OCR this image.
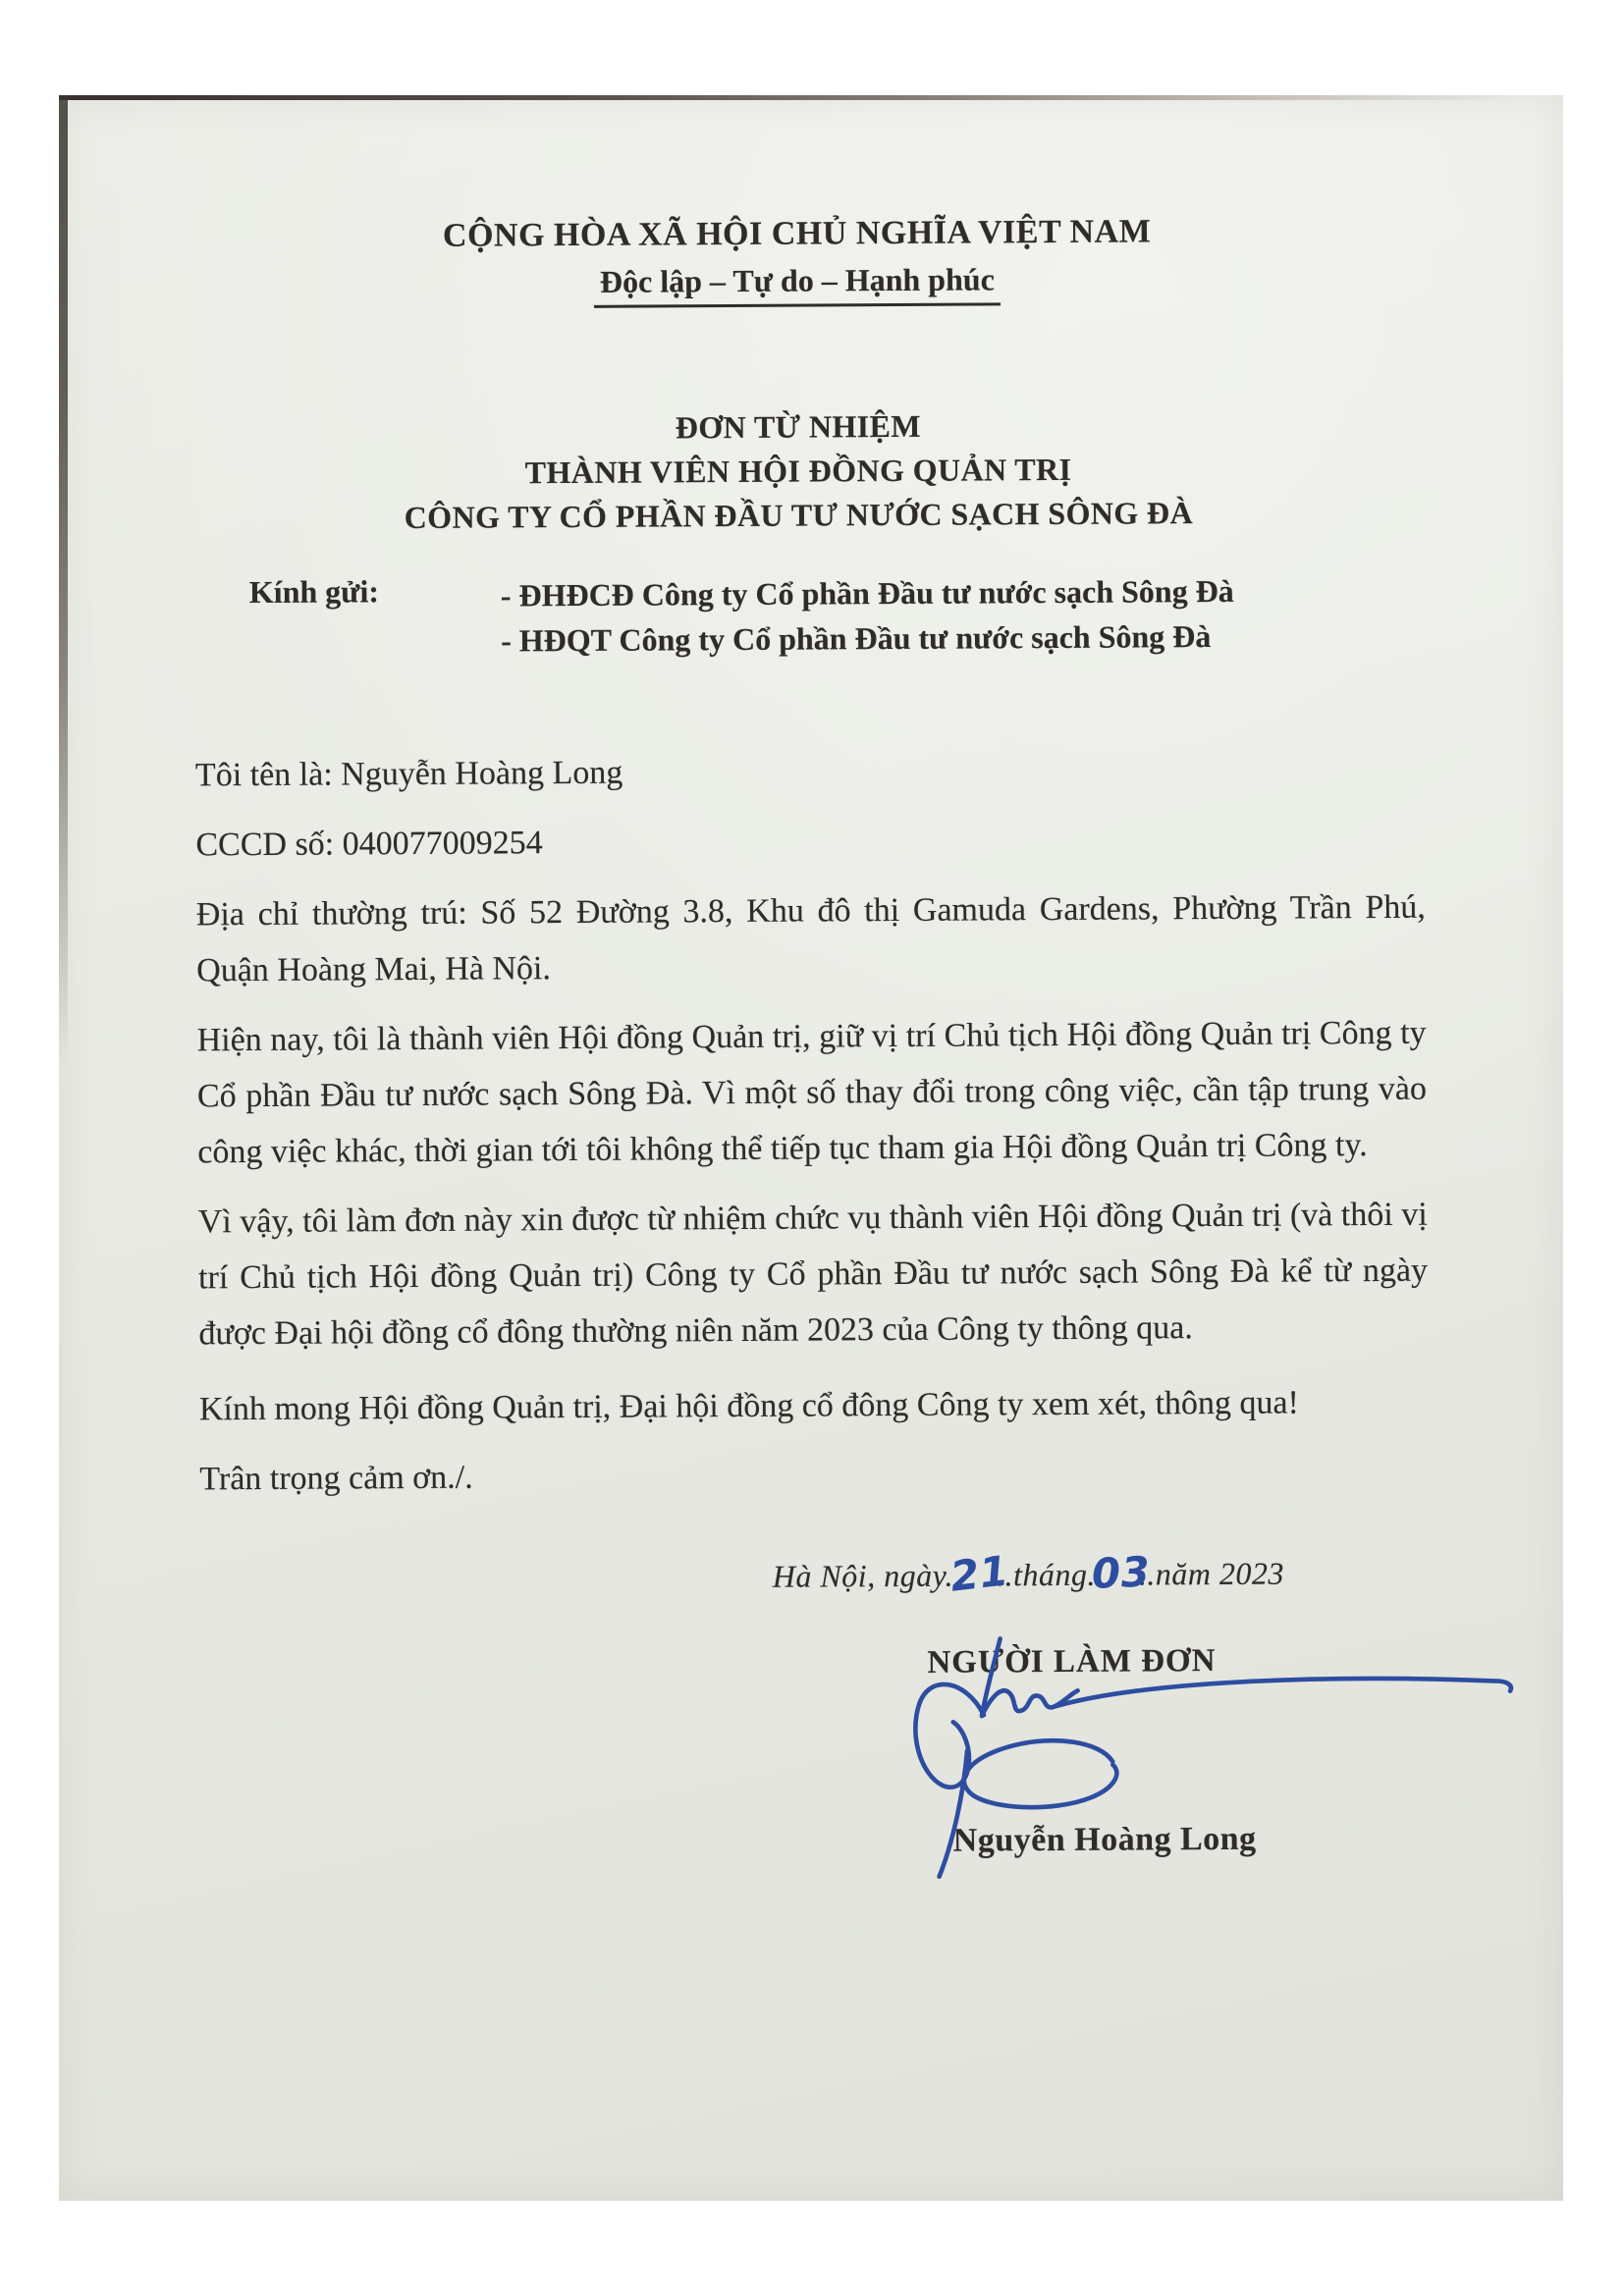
CỘNG HÒA XÃ HỘI CHỦ NGHĨA VIỆT NAM
Độc lập – Tự do – Hạnh phúc
ĐƠN TỪ NHIỆM
THÀNH VIÊN HỘI ĐỒNG QUẢN TRỊ
CÔNG TY CỔ PHẦN ĐẦU TƯ NƯỚC SẠCH SÔNG ĐÀ
Kính gửi:	- ĐHĐCĐ Công ty Cổ phần Đầu tư nước sạch Sông Đà
- HĐQT Công ty Cổ phần Đầu tư nước sạch Sông Đà

Tôi tên là: Nguyễn Hoàng Long

CCCD số: 040077009254

Địa chỉ thường trú: Số 52 Đường 3.8, Khu đô thị Gamuda Gardens, Phường Trần Phú, Quận Hoàng Mai, Hà Nội.

Hiện nay, tôi là thành viên Hội đồng Quản trị, giữ vị trí Chủ tịch Hội đồng Quản trị Công ty Cổ phần Đầu tư nước sạch Sông Đà. Vì một số thay đổi trong công việc, cần tập trung vào công việc khác, thời gian tới tôi không thể tiếp tục tham gia Hội đồng Quản trị Công ty.

Vì vậy, tôi làm đơn này xin được từ nhiệm chức vụ thành viên Hội đồng Quản trị (và thôi vị trí Chủ tịch Hội đồng Quản trị) Công ty Cổ phần Đầu tư nước sạch Sông Đà kể từ ngày được Đại hội đồng cổ đông thường niên năm 2023 của Công ty thông qua.

Kính mong Hội đồng Quản trị, Đại hội đồng cổ đông Công ty xem xét, thông qua!

Trân trọng cảm ơn./.

Hà Nội, ngày..21..tháng..03..năm 2023
NGƯỜI LÀM ĐƠN
Nguyễn Hoàng Long
